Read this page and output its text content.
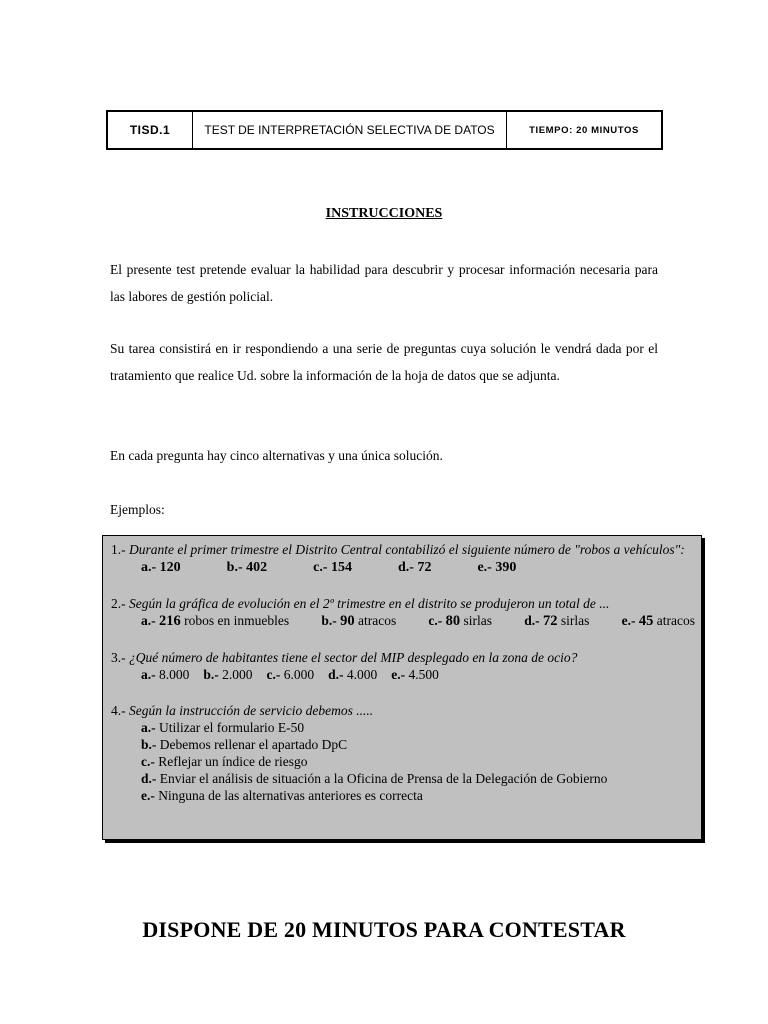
TISD.1	TEST DE INTERPRETACIÓN SELECTIVA DE DATOS	TIEMPO: 20 MINUTOS
INSTRUCCIONES

El presente test pretende evaluar la habilidad para descubrir y procesar información necesaria para las labores de gestión policial.

Su tarea consistirá en ir respondiendo a una serie de preguntas cuya solución le vendrá dada por el tratamiento que realice Ud. sobre la información de la hoja de datos que se adjunta.

En cada pregunta hay cinco alternativas y una única solución.

Ejemplos:

1.- Durante el primer trimestre el Distrito Central contabilizó el siguiente número de "robos a vehículos":
a.- 120	b.- 402	c.- 154	d.- 72	e.- 390
2.- Según la gráfica de evolución en el 2º trimestre en el distrito se produjeron un total de ...
a.- 216 robos en inmuebles b.- 90 atracos c.- 80 sirlas d.- 72 sirlas e.- 45 atracos
3.- ¿Qué número de habitantes tiene el sector del MIP desplegado en la zona de ocio?
a.- 8.000 b.- 2.000 c.- 6.000 d.- 4.000 e.- 4.500
4.- Según la instrucción de servicio debemos .....
a.- Utilizar el formulario E-50
b.- Debemos rellenar el apartado DpC
c.- Reflejar un índice de riesgo
d.- Enviar el análisis de situación a la Oficina de Prensa de la Delegación de Gobierno
e.- Ninguna de las alternativas anteriores es correcta
DISPONE DE 20 MINUTOS PARA CONTESTAR
